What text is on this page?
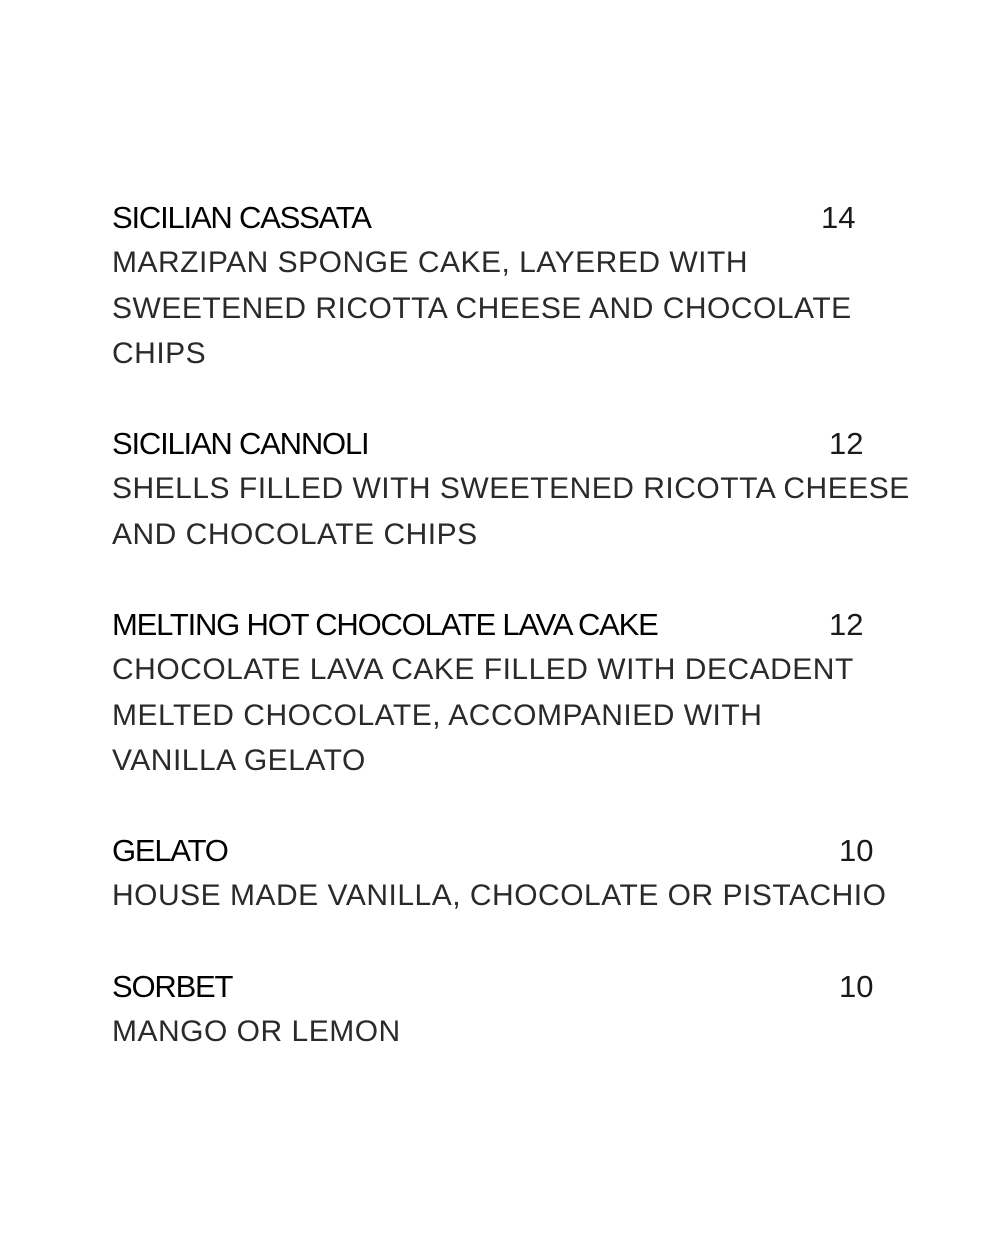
SICILIAN CASSATA	14
MARZIPAN SPONGE CAKE, LAYERED WITH
SWEETENED RICOTTA CHEESE AND CHOCOLATE
CHIPS
SICILIAN CANNOLI	12
SHELLS FILLED WITH SWEETENED RICOTTA CHEESE
AND CHOCOLATE CHIPS
MELTING HOT CHOCOLATE LAVA CAKE	12
CHOCOLATE LAVA CAKE FILLED WITH DECADENT
MELTED CHOCOLATE, ACCOMPANIED WITH
VANILLA GELATO
GELATO	10
HOUSE MADE VANILLA, CHOCOLATE OR PISTACHIO
SORBET	10
MANGO OR LEMON
